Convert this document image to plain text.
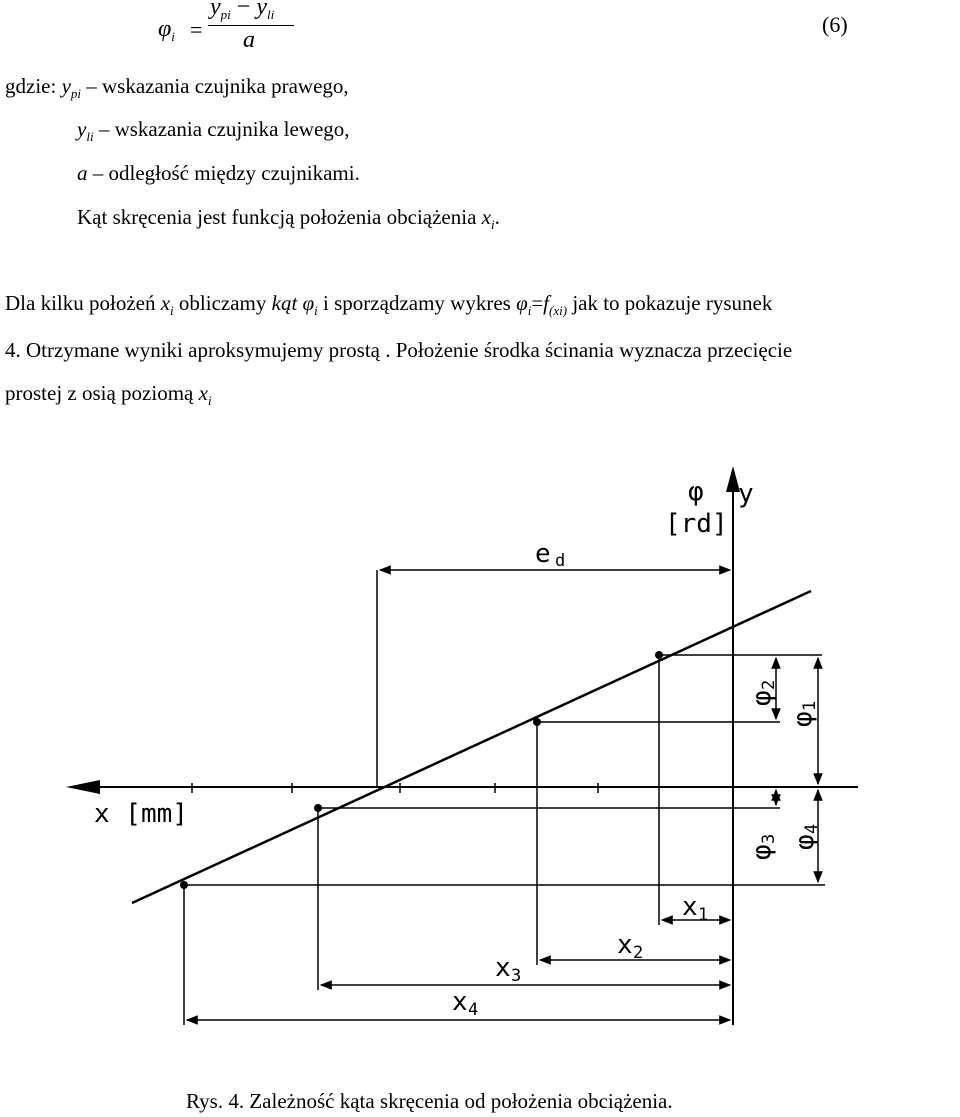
$\varphi_i$ =
$y_{pi} - y_{li}$
a
(6)
gdzie: $y_{pi}$ – wskazania czujnika prawego,
$y_{li}$ – wskazania czujnika lewego,
a – odległość między czujnikami.
Kąt skręcenia jest funkcją położenia obciążenia $x_i$.
Dla kilku położeń $x_i$ obliczamy kąt $\varphi_i$ i sporządzamy wykres $\varphi_i=f_{(xi)}$ jak to pokazuje rysunek
4. Otrzymane wyniki aproksymujemy prostą . Położenie środka ścinania wyznacza przecięcie
prostej z osią poziomą $x_i$
φ
[rd]
y
x [mm]
e d
φ
2
φ
1
φ
3 φ
4
x 1
x 2
x 3
x 4
Rys. 4. Zależność kąta skręcenia od położenia obciążenia.
